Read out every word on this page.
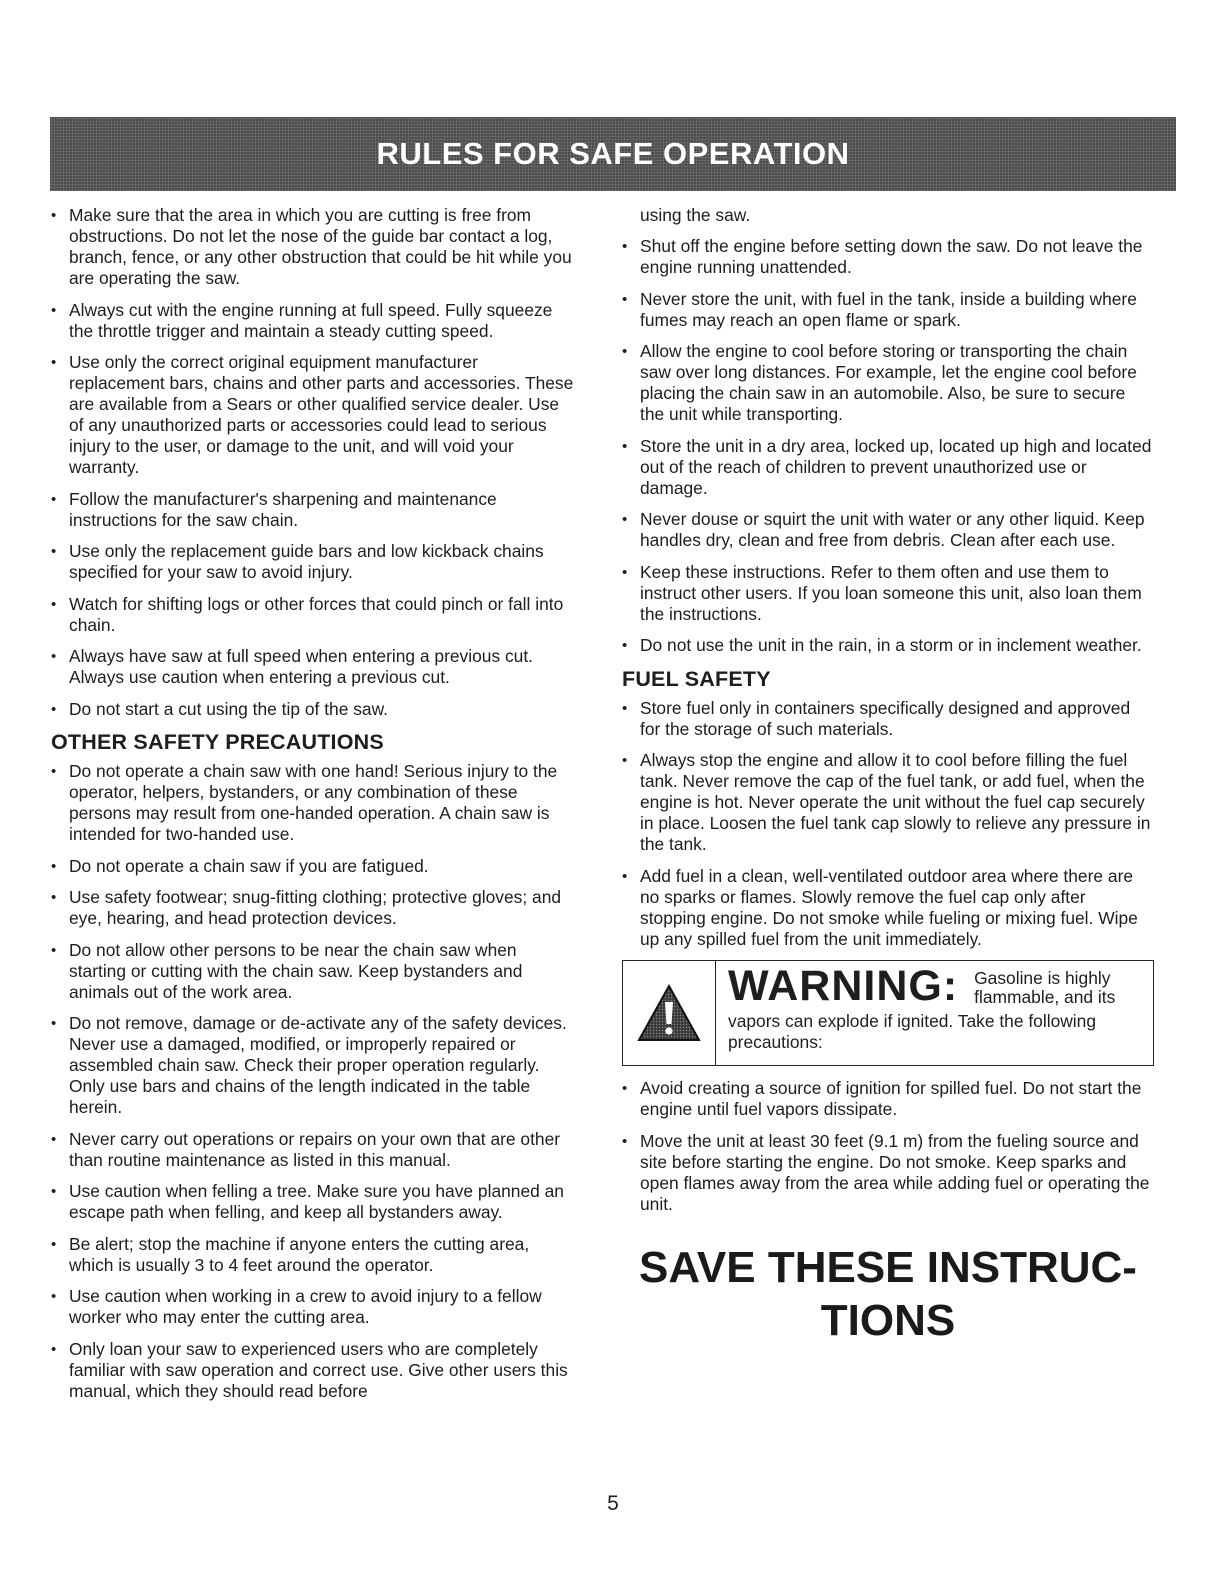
RULES FOR SAFE OPERATION
• Make sure that the area in which you are cutting is free from obstructions. Do not let the nose of the guide bar contact a log, branch, fence, or any other obstruction that could be hit while you are operating the saw.
• Always cut with the engine running at full speed. Fully squeeze the throttle trigger and maintain a steady cutting speed.
• Use only the correct original equipment manufacturer replacement bars, chains and other parts and accessories. These are available from a Sears or other qualified service dealer. Use of any unauthorized parts or accessories could lead to serious injury to the user, or damage to the unit, and will void your warranty.
• Follow the manufacturer's sharpening and maintenance instructions for the saw chain.
• Use only the replacement guide bars and low kickback chains specified for your saw to avoid injury.
• Watch for shifting logs or other forces that could pinch or fall into chain.
• Always have saw at full speed when entering a previous cut. Always use caution when entering a previous cut.
• Do not start a cut using the tip of the saw.
OTHER SAFETY PRECAUTIONS
• Do not operate a chain saw with one hand! Serious injury to the operator, helpers, bystanders, or any combination of these persons may result from one-handed operation. A chain saw is intended for two-handed use.
• Do not operate a chain saw if you are fatigued.
• Use safety footwear; snug-fitting clothing; protective gloves; and eye, hearing, and head protection devices.
• Do not allow other persons to be near the chain saw when starting or cutting with the chain saw. Keep bystanders and animals out of the work area.
• Do not remove, damage or de-activate any of the safety devices. Never use a damaged, modified, or improperly repaired or assembled chain saw. Check their proper operation regularly. Only use bars and chains of the length indicated in the table herein.
• Never carry out operations or repairs on your own that are other than routine maintenance as listed in this manual.
• Use caution when felling a tree. Make sure you have planned an escape path when felling, and keep all bystanders away.
• Be alert; stop the machine if anyone enters the cutting area, which is usually 3 to 4 feet around the operator.
• Use caution when working in a crew to avoid injury to a fellow worker who may enter the cutting area.
• Only loan your saw to experienced users who are completely familiar with saw operation and correct use. Give other users this manual, which they should read before
using the saw.
• Shut off the engine before setting down the saw. Do not leave the engine running unattended.
• Never store the unit, with fuel in the tank, inside a building where fumes may reach an open flame or spark.
• Allow the engine to cool before storing or transporting the chain saw over long distances. For example, let the engine cool before placing the chain saw in an automobile. Also, be sure to secure the unit while transporting.
• Store the unit in a dry area, locked up, located up high and located out of the reach of children to prevent unauthorized use or damage.
• Never douse or squirt the unit with water or any other liquid. Keep handles dry, clean and free from debris. Clean after each use.
• Keep these instructions. Refer to them often and use them to instruct other users. If you loan someone this unit, also loan them the instructions.
• Do not use the unit in the rain, in a storm or in inclement weather.
FUEL SAFETY
• Store fuel only in containers specifically designed and approved for the storage of such materials.
• Always stop the engine and allow it to cool before filling the fuel tank. Never remove the cap of the fuel tank, or add fuel, when the engine is hot. Never operate the unit without the fuel cap securely in place. Loosen the fuel tank cap slowly to relieve any pressure in the tank.
• Add fuel in a clean, well-ventilated outdoor area where there are no sparks or flames. Slowly remove the fuel cap only after stopping engine. Do not smoke while fueling or mixing fuel. Wipe up any spilled fuel from the unit immediately.
WARNING: Gasoline is highly flammable, and its
vapors can explode if ignited. Take the following precautions:
• Avoid creating a source of ignition for spilled fuel. Do not start the engine until fuel vapors dissipate.
• Move the unit at least 30 feet (9.1 m) from the fueling source and site before starting the engine. Do not smoke. Keep sparks and open flames away from the area while adding fuel or operating the unit.
SAVE THESE INSTRUC-
TIONS
5
